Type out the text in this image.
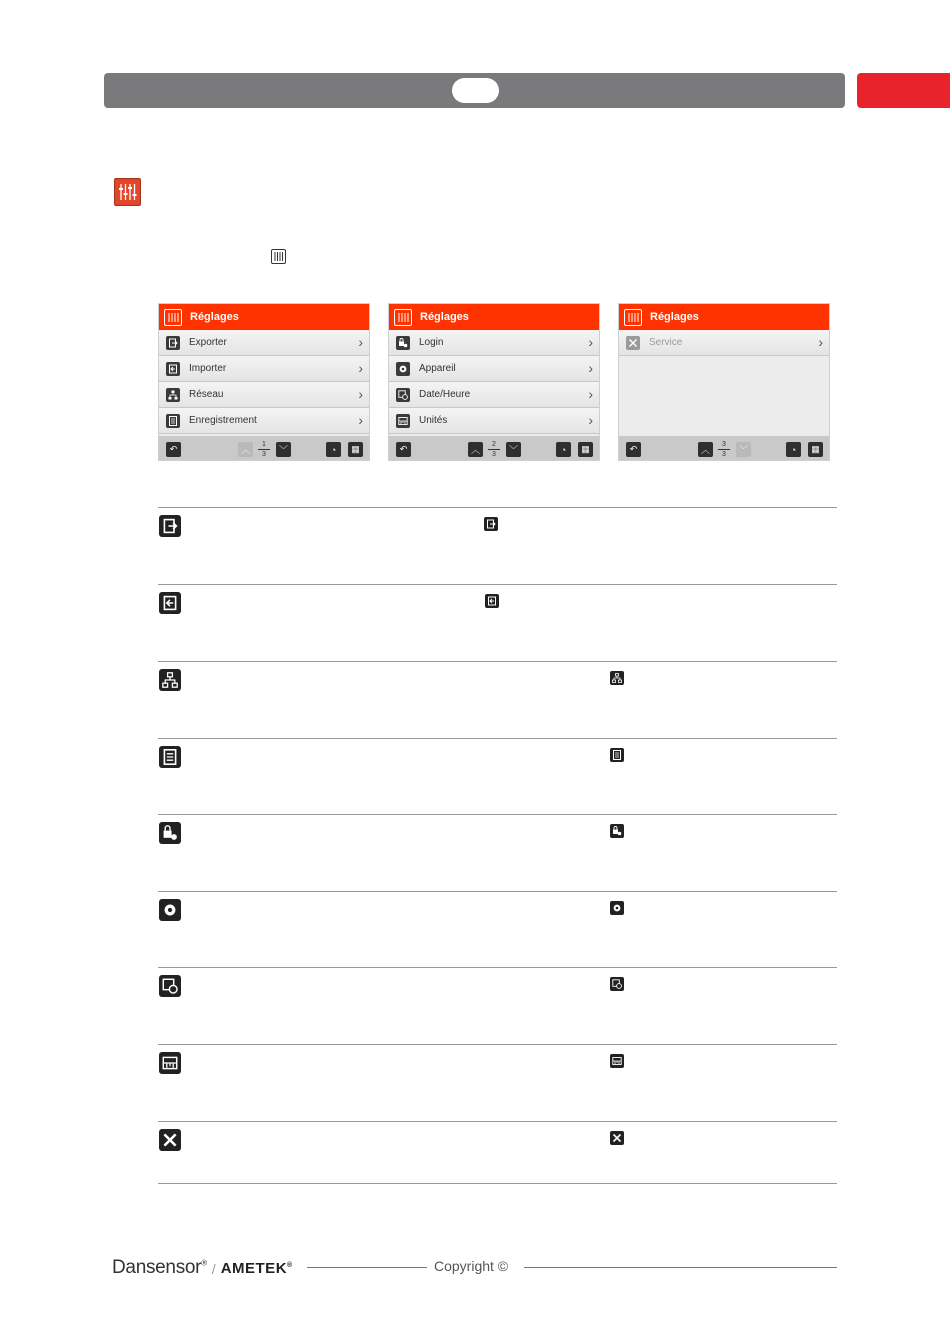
Réglages
Exporter	›
Importer	›
Réseau	›
Enregistrement	›
↶	︿
1
3	﹀	◔	▦
Réglages
Login	›
Appareil	›
Date/Heure	›
Unités	›
↶	︿
2
3	﹀	◔	▦
Réglages
Service	›
↶	︿
3
3	﹀	◔	▦
Dansensor® / AMETEK®	Copyright ©
